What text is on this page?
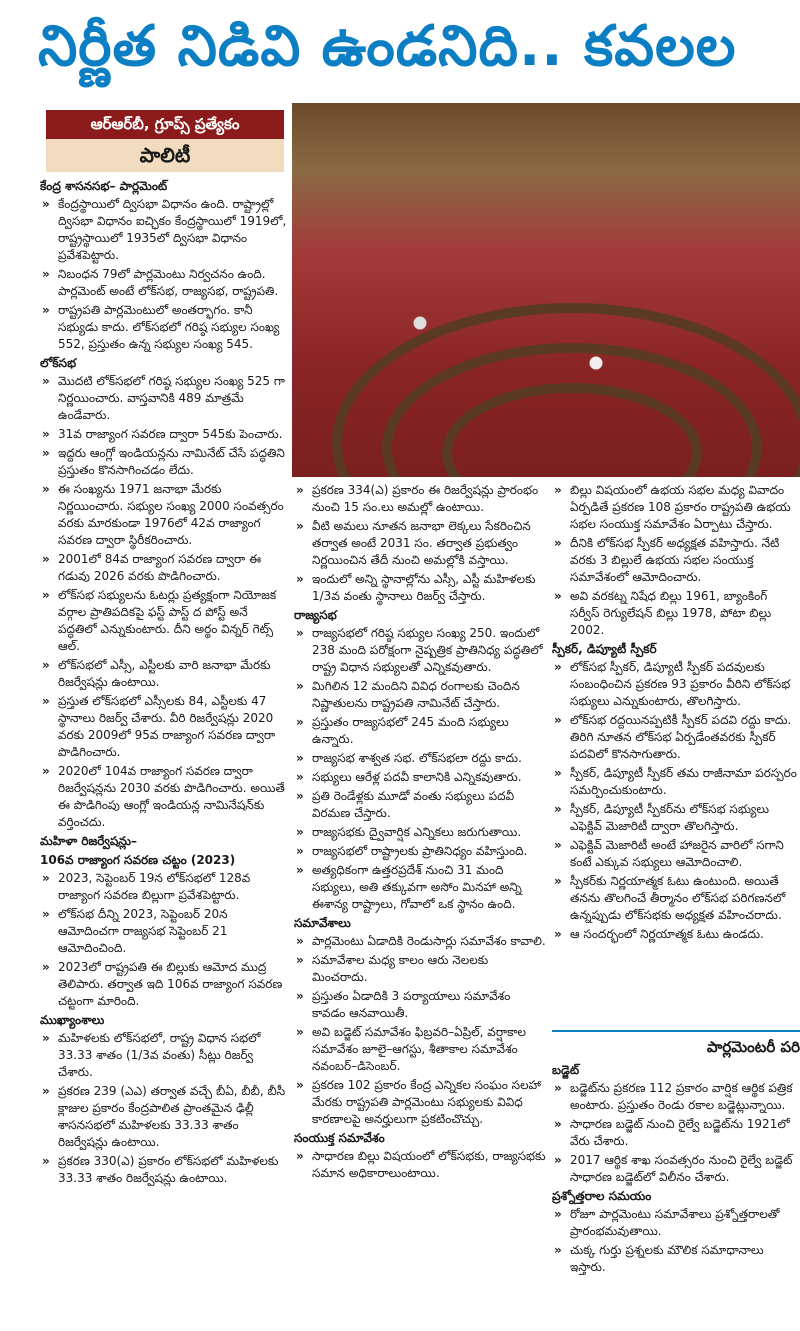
నిర్ణీత నిడివి ఉండనిది.. కవలల
ఆర్ఆర్‌బీ, గ్రూప్స్ ప్రత్యేకం
పాలిటీ
కేంద్ర శాసనసభ– పార్లమెంట్
» కేంద్రస్థాయిలో ద్విసభా విధానం ఉంది. రాష్ట్రాల్లో ద్విసభా విధానం ఐచ్ఛికం కేంద్రస్థాయిలో 1919లో, రాష్ట్రస్థాయిలో 1935లో ద్విసభా విధానం ప్రవేశపెట్టారు.
» నిబంధన 79లో పార్లమెంటు నిర్వచనం ఉంది. పార్లమెంట్ అంటే లోక్‌సభ, రాజ్యసభ, రాష్ట్రపతి.
» రాష్ట్రపతి పార్లమెంటులో అంతర్భాగం. కానీ సభ్యుడు కాదు. లోక్‌సభలో గరిష్ఠ సభ్యుల సంఖ్య 552, ప్రస్తుతం ఉన్న సభ్యుల సంఖ్య 545.
లోక్‌సభ
» మొదటి లోక్‌సభలో గరిష్ఠ సభ్యుల సంఖ్య 525 గా నిర్ణయించారు. వాస్తవానికి 489 మాత్రమే ఉండేవారు.
» 31వ రాజ్యాంగ సవరణ ద్వారా 545కు పెంచారు.
» ఇద్దరు ఆంగ్లో ఇండియన్లను నామినేట్ చేసే పద్ధతిని ప్రస్తుతం కొనసాగించడం లేదు.
» ఈ సంఖ్యను 1971 జనాభా మేరకు నిర్ణయించారు. సభ్యుల సంఖ్య 2000 సంవత్సరం వరకు మారకుండా 1976లో 42వ రాజ్యాంగ సవరణ ద్వారా స్థిరీకరించారు.
» 2001లో 84వ రాజ్యాంగ సవరణ ద్వారా ఈ గడువు 2026 వరకు పొడిగించారు.
» లోక్‌సభ సభ్యులను ఓటర్లు ప్రత్యక్షంగా నియోజక వర్గాల ప్రాతిపదికపై ఫస్ట్ పాస్ట్ ద పోస్ట్ అనే పద్ధతిలో ఎన్నుకుంటారు. దీని అర్థం విన్నర్ గెట్స్ ఆల్.
» లోక్‌సభలో ఎస్సీ, ఎస్టీలకు వారి జనాభా మేరకు రిజర్వేషన్లు ఉంటాయి.
» ప్రస్తుత లోక్‌సభలో ఎస్సీలకు 84, ఎస్టీలకు 47 స్థానాలు రిజర్వ్ చేశారు. వీరి రిజర్వేషన్లు 2020 వరకు 2009లో 95వ రాజ్యాంగ సవరణ ద్వారా పొడిగించారు.
» 2020లో 104వ రాజ్యాంగ సవరణ ద్వారా రిజర్వేషన్లను 2030 వరకు పొడిగించారు. అయితే ఈ పొడిగింపు ఆంగ్లో ఇండియన్ల నామినేషన్‌కు వర్తించదు.
మహిళా రిజర్వేషన్లు–
106వ రాజ్యాంగ సవరణ చట్టం (2023)
» 2023, సెప్టెంబర్ 19న లోక్‌సభలో 128వ రాజ్యాంగ సవరణ బిల్లుగా ప్రవేశపెట్టారు.
» లోక్‌సభ దీన్ని 2023, సెప్టెంబర్ 20న ఆమోదించగా రాజ్యసభ సెప్టెంబర్ 21 ఆమోదించింది.
» 2023లో రాష్ట్రపతి ఈ బిల్లుకు ఆమోద ముద్ర తెలిపారు. తర్వాత ఇది 106వ రాజ్యాంగ సవరణ చట్టంగా మారింది.
ముఖ్యాంశాలు
» మహిళలకు లోక్‌సభలో, రాష్ట్ర విధాన సభలో 33.33 శాతం (1/3వ వంతు) సీట్లు రిజర్వ్ చేశారు.
» ప్రకరణ 239 (ఎఎ) తర్వాత వచ్చే బీఏ, బీబీ, బీసీ క్లాజుల ప్రకారం కేంద్రపాలిత ప్రాంతమైన ఢిల్లీ శాసనసభలో మహిళలకు 33.33 శాతం రిజర్వేషన్లు ఉంటాయి.
» ప్రకరణ 330(ఎ) ప్రకారం లోక్‌సభలో మహిళలకు 33.33 శాతం రిజర్వేషన్లు ఉంటాయి.
» ప్రకరణ 334(ఎ) ప్రకారం ఈ రిజర్వేషన్లు ప్రారంభం నుంచి 15 సం.లు అమల్లో ఉంటాయి.
» వీటి అమలు నూతన జనాభా లెక్కలు సేకరించిన తర్వాత అంటే 2031 సం. తర్వాత ప్రభుత్వం నిర్ణయించిన తేదీ నుంచి అమల్లోకి వస్తాయి.
» ఇందులో అన్ని స్థానాల్లోను ఎస్సీ, ఎస్టీ మహిళలకు 1/3వ వంతు స్థానాలు రిజర్వ్ చేస్తారు.
రాజ్యసభ
» రాజ్యసభలో గరిష్ఠ సభ్యుల సంఖ్య 250. ఇందులో 238 మంది పరోక్షంగా నైష్పత్రిక ప్రాతినిధ్య పద్ధతిలో రాష్ట్ర విధాన సభ్యులతో ఎన్నికవుతారు.
» మిగిలిన 12 మందిని వివిధ రంగాలకు చెందిన నిష్ణాతులను రాష్ట్రపతి నామినేట్ చేస్తారు.
» ప్రస్తుతం రాజ్యసభలో 245 మంది సభ్యులు ఉన్నారు.
» రాజ్యసభ శాశ్వత సభ. లోక్‌సభలా రద్దు కాదు.
» సభ్యులు ఆరేళ్ల పదవీ కాలానికి ఎన్నికవుతారు.
» ప్రతి రెండేళ్లకు మూడో వంతు సభ్యులు పదవీ విరమణ చేస్తారు.
» రాజ్యసభకు ద్వైవార్షిక ఎన్నికలు జరుగుతాయి.
» రాజ్యసభలో రాష్ట్రాలకు ప్రాతినిధ్యం వహిస్తుంది.
» అత్యధికంగా ఉత్తరప్రదేశ్ నుంచి 31 మంది సభ్యులు, అతి తక్కువగా అసోం మినహా అన్ని ఈశాన్య రాష్ట్రాలు, గోవాలో ఒక స్థానం ఉంది.
సమావేశాలు
» పార్లమెంటు ఏడాదికి రెండుసార్లు సమావేశం కావాలి.
» సమావేశాల మధ్య కాలం ఆరు నెలలకు మించరాదు.
» ప్రస్తుతం ఏడాదికి 3 పర్యాయాలు సమావేశం కావడం ఆనవాయితీ.
» అవి బడ్జెట్ సమావేశం ఫిబ్రవరి–ఏప్రిల్, వర్షాకాల సమావేశం జూలై–ఆగస్టు, శీతాకాల సమావేశం నవంబర్–డిసెంబర్.
» ప్రకరణ 102 ప్రకారం కేంద్ర ఎన్నికల సంఘం సలహా మేరకు రాష్ట్రపతి పార్లమెంటు సభ్యులకు వివిధ కారణాలపై అనర్హులుగా ప్రకటించొచ్చు.
సంయుక్త సమావేశం
» సాధారణ బిల్లు విషయంలో లోక్‌సభకు, రాజ్యసభకు సమాన అధికారాలుంటాయి.
» బిల్లు విషయంలో ఉభయ సభల మధ్య వివాదం ఏర్పడితే ప్రకరణ 108 ప్రకారం రాష్ట్రపతి ఉభయ సభల సంయుక్త సమావేశం ఏర్పాటు చేస్తారు.
» దీనికి లోక్‌సభ స్పీకర్ అధ్యక్షత వహిస్తారు. నేటి వరకు 3 బిల్లులే ఉభయ సభల సంయుక్త సమావేశంలో ఆమోదించారు.
» అవి వరకట్న నిషేధ బిల్లు 1961, బ్యాంకింగ్ సర్వీస్ రెగ్యులేషన్ బిల్లు 1978, పోటా బిల్లు 2002.
స్పీకర్, డిప్యూటీ స్పీకర్
» లోక్‌సభ స్పీకర్, డిప్యూటీ స్పీకర్ పదవులకు సంబంధించిన ప్రకరణ 93 ప్రకారం వీరిని లోక్‌సభ సభ్యులు ఎన్నుకుంటారు, తొలగిస్తారు.
» లోక్‌సభ రద్దయినప్పటికీ స్పీకర్ పదవి రద్దు కాదు. తిరిగి నూతన లోక్‌సభ ఏర్పడేంతవరకు స్పీకర్ పదవిలో కొనసాగుతారు.
» స్పీకర్, డిప్యూటీ స్పీకర్ తమ రాజీనామా పరస్పరం సమర్పించుకుంటారు.
» స్పీకర్, డిప్యూటీ స్పీకర్‌ను లోక్‌సభ సభ్యులు ఎఫెక్టివ్ మెజారిటీ ద్వారా తొలగిస్తారు.
» ఎఫెక్టివ్ మెజారిటీ అంటే హాజరైన వారిలో సగాని కంటే ఎక్కువ సభ్యులు ఆమోదించాలి.
» స్పీకర్‌కు నిర్ణయాత్మక ఓటు ఉంటుంది. అయితే తనను తొలగించే తీర్మానం లోక్‌సభ పరిగణనలో ఉన్నప్పుడు లోక్‌సభకు అధ్యక్షత వహించరాదు.
» ఆ సందర్భంలో నిర్ణయాత్మక ఓటు ఉండదు.
పార్లమెంటరీ పరి
బడ్జెట్
» బడ్జెట్‌ను ప్రకరణ 112 ప్రకారం వార్షిక ఆర్థిక పత్రిక అంటారు. ప్రస్తుతం రెండు రకాల బడ్జెట్లున్నాయి.
» సాధారణ బడ్జెట్ నుంచి రైల్వే బడ్జెట్‌ను 1921లో వేరు చేశారు.
» 2017 ఆర్థిక శాఖ సంవత్సరం నుంచి రైల్వే బడ్జెట్ సాధారణ బడ్జెట్‌లో విలీనం చేశారు.
ప్రశ్నోత్తరాల సమయం
» రోజూ పార్లమెంటు సమావేశాలు ప్రశ్నోత్తరాలతో ప్రారంభమవుతాయి.
» చుక్క గుర్తు ప్రశ్నలకు మౌలిక సమాధానాలు ఇస్తారు.
